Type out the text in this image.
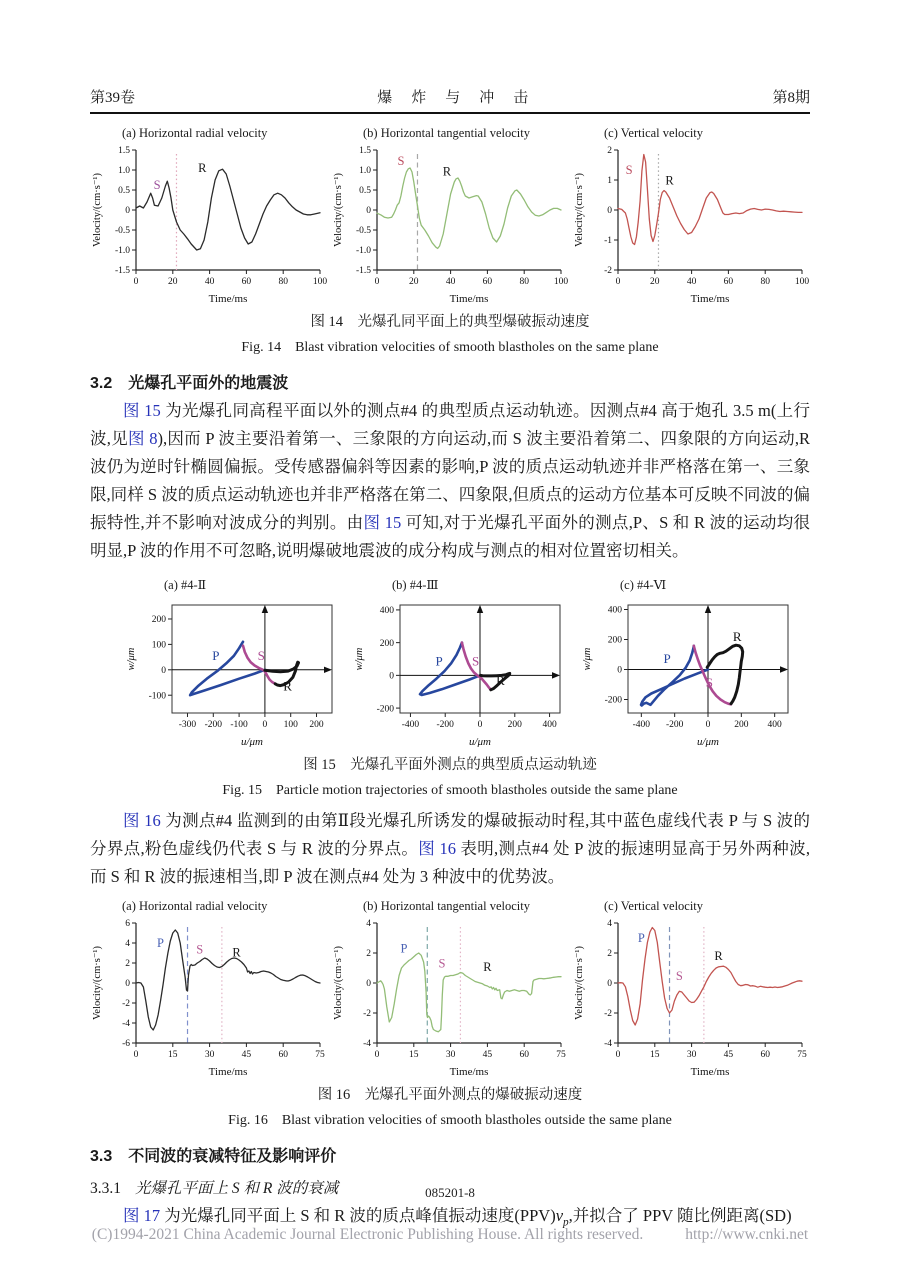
第39卷	爆　炸　与　冲　击	第8期
(a) Horizontal radial velocity
-1.5
-1.0
-0.5
0
0.5
1.0
1.5
0	20	40	60	80	100
Velocity/(cm·s⁻¹)
Time/ms
S
R
(b) Horizontal tangential velocity
-1.5
-1.0
-0.5
0
0.5
1.0
1.5
0	20	40	60	80	100
Velocity/(cm·s⁻¹)
Time/ms
S
R
(c) Vertical velocity
-2
-1
0
1
2
0	20	40	60	80	100
Velocity/(cm·s⁻¹)
Time/ms
S
R
图 14　光爆孔同平面上的典型爆破振动速度
Fig. 14　Blast vibration velocities of smooth blastholes on the same plane
3.2 光爆孔平面外的地震波

图 15 为光爆孔同高程平面以外的测点#4 的典型质点运动轨迹。因测点#4 高于炮孔 3.5 m(上行波,见图 8),因而 P 波主要沿着第一、三象限的方向运动,而 S 波主要沿着第二、四象限的方向运动,R 波仍为逆时针椭圆偏振。受传感器偏斜等因素的影响,P 波的质点运动轨迹并非严格落在第一、三象限,同样 S 波的质点运动轨迹也并非严格落在第二、四象限,但质点的运动方位基本可反映不同波的偏振特性,并不影响对波成分的判别。由图 15 可知,对于光爆孔平面外的测点,P、S 和 R 波的运动均很明显,P 波的作用不可忽略,说明爆破地震波的成分构成与测点的相对位置密切相关。

(a) #4-Ⅱ
-100
0
100
200
-300 -200 -100 0 100 200
w/μm
u/μm
P	S
R
(b) #4-Ⅲ
-200
0
200
400
-400 -200 0	200 400
w/μm
u/μm
P S
R
(c) #4-Ⅵ
-200
0
200
400
-400 -200 0	200 400
w/μm
u/μm
P
S
R
图 15　光爆孔平面外测点的典型质点运动轨迹
Fig. 15　Particle motion trajectories of smooth blastholes outside the same plane

图 16 为测点#4 监测到的由第Ⅱ段光爆孔所诱发的爆破振动时程,其中蓝色虚线代表 P 与 S 波的分界点,粉色虚线仍代表 S 与 R 波的分界点。图 16 表明,测点#4 处 P 波的振速明显高于另外两种波,而 S 和 R 波的振速相当,即 P 波在测点#4 处为 3 种波中的优势波。

(a) Horizontal radial velocity
-6
-4
-2
0
2
4
6
0	15	30	45	60	75
Velocity/(cm·s⁻¹)
Time/ms
P	S R
(b) Horizontal tangential velocity
-4
-2
0
2
4
0	15	30	45	60	75
Velocity/(cm·s⁻¹)
Time/ms
P
S	R
(c) Vertical velocity
-4
-2
0
2
4
0	15	30	45	60	75
Velocity/(cm·s⁻¹)
Time/ms
P
S
R
图 16　光爆孔平面外测点的爆破振动速度
Fig. 16　Blast vibration velocities of smooth blastholes outside the same plane
3.3 不同波的衰减特征及影响评价
3.3.1 光爆孔平面上 S 和 R 波的衰减

图 17 为光爆孔同平面上 S 和 R 波的质点峰值振动速度$(PPV)v_p$,并拟合了 PPV 随比例距离(SD)

085201-8
(C)1994-2021 China Academic Journal Electronic Publishing House. All rights reserved.	http://www.cnki.net
